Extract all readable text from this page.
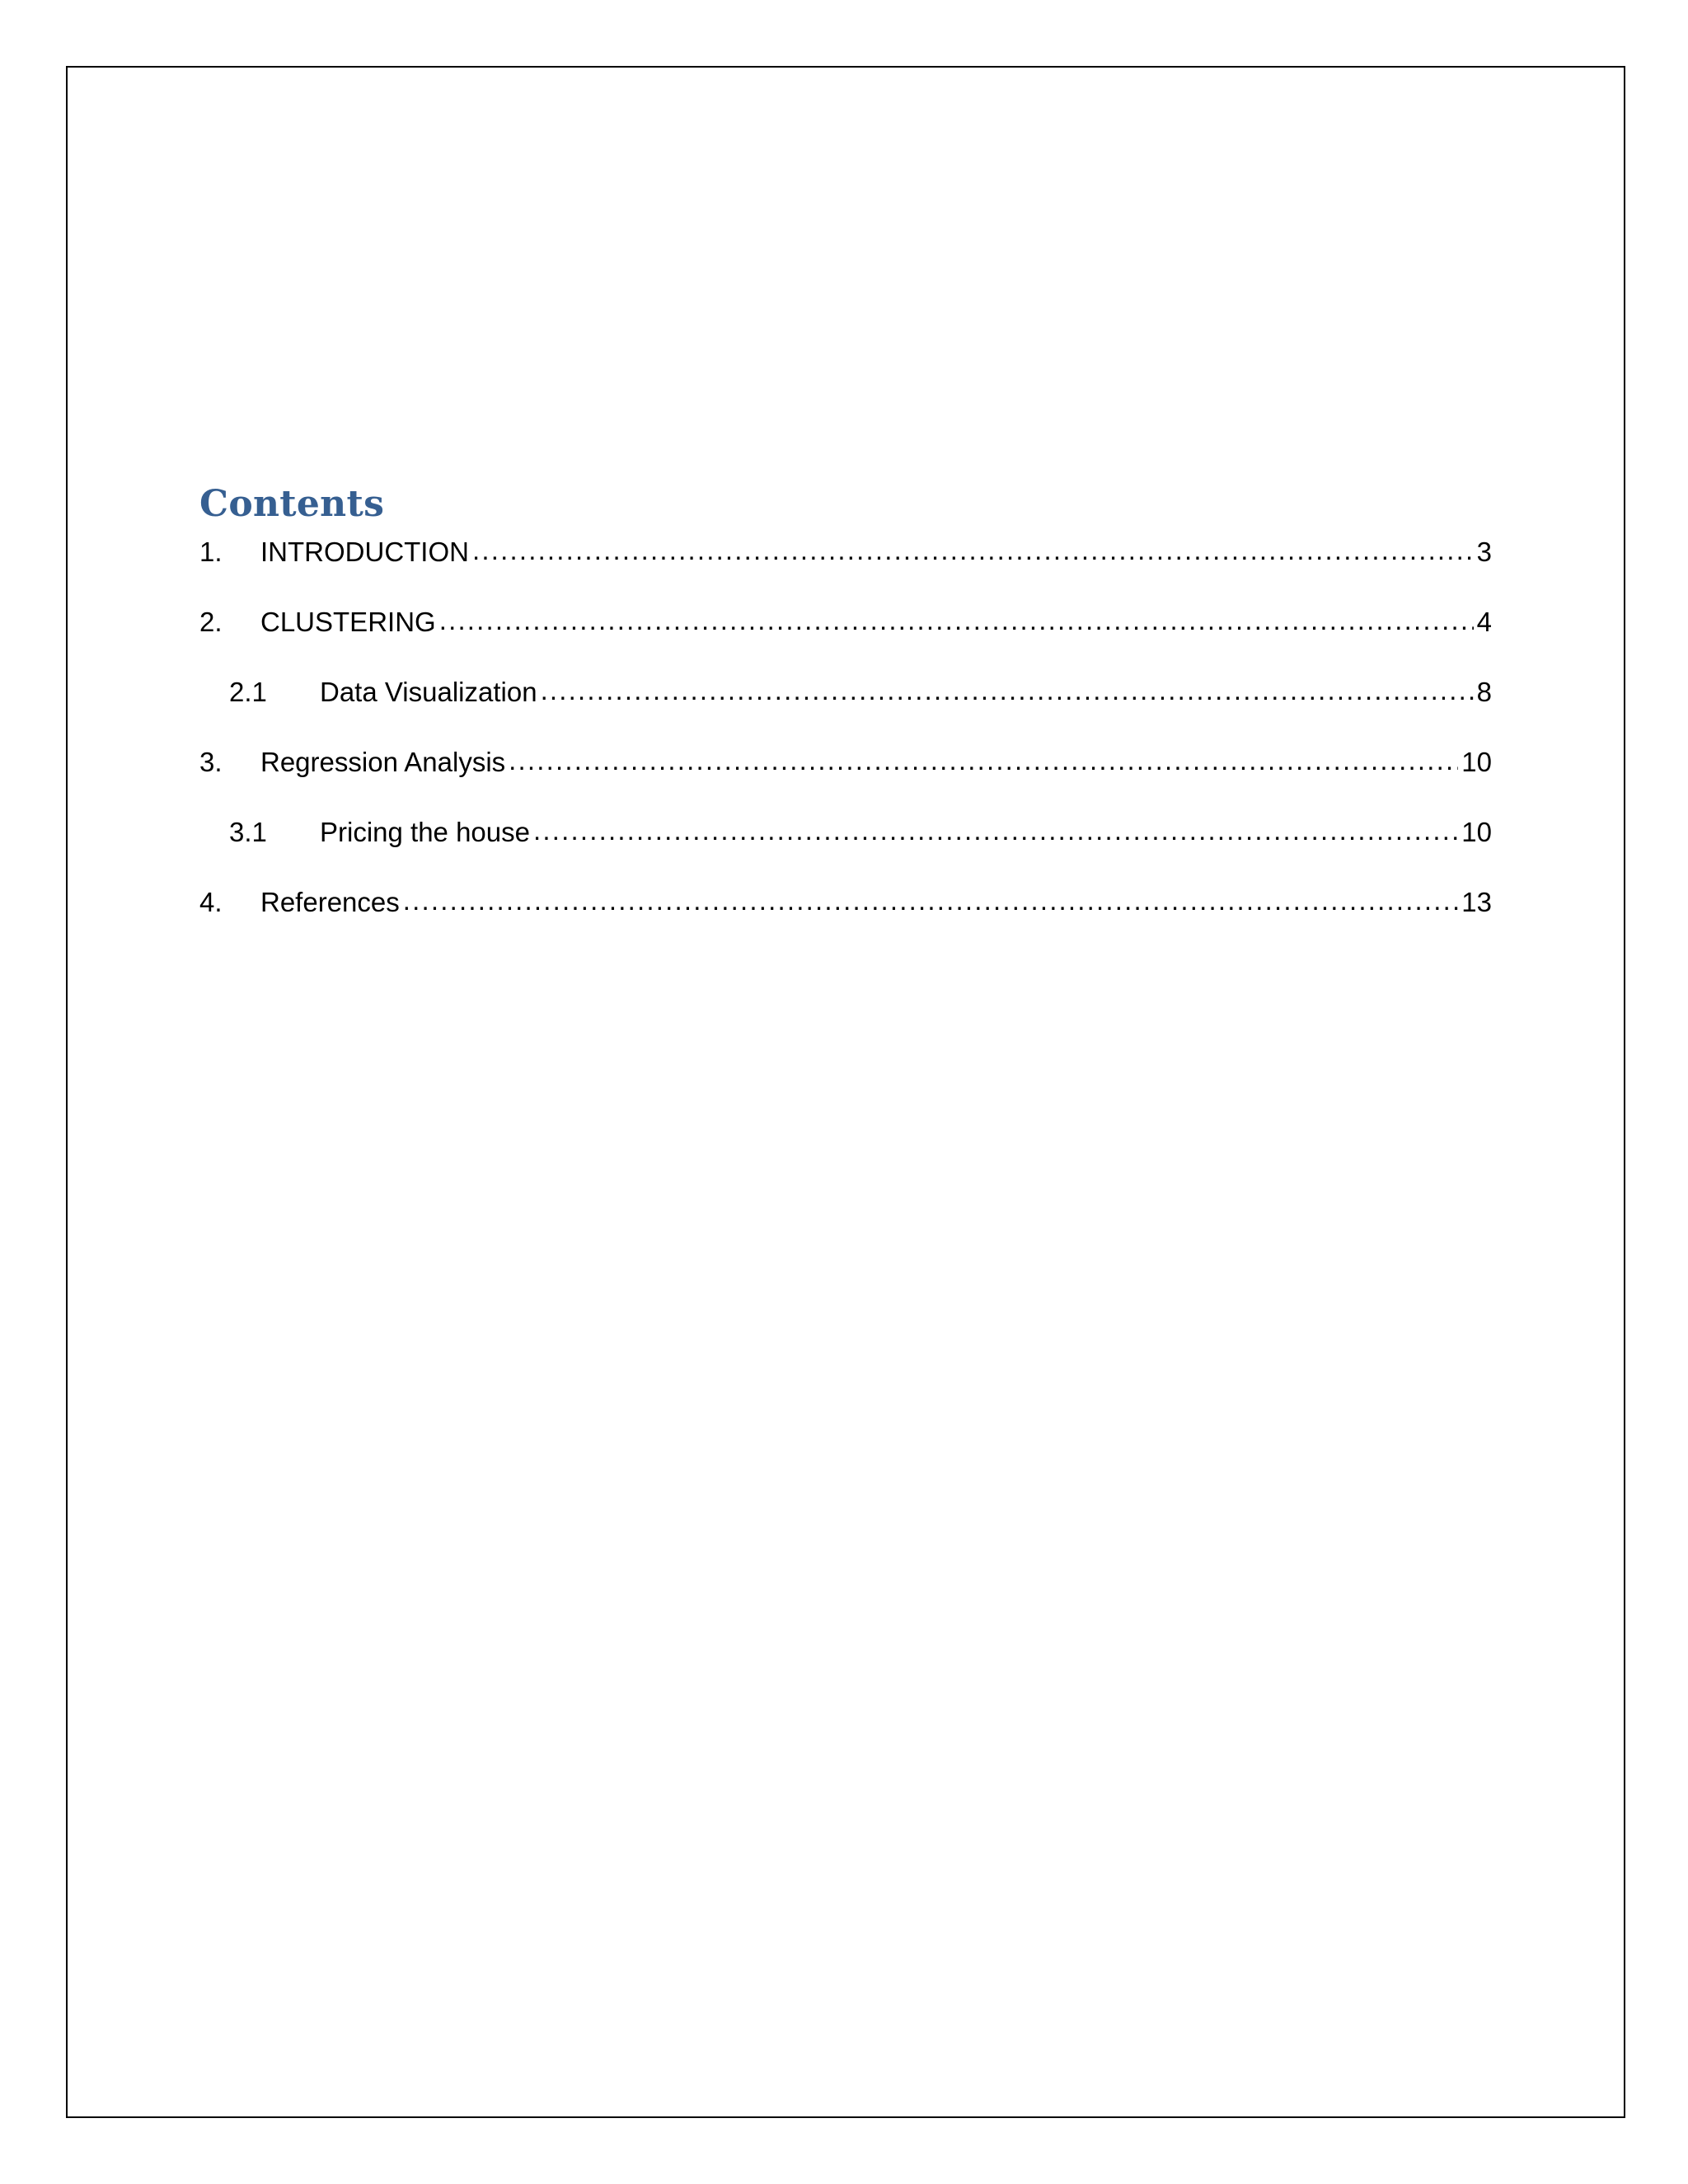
Contents
1.	INTRODUCTION .....	3
2.	CLUSTERING .....	4
2.1	Data Visualization .....	8
3.	Regression Analysis .....	10
3.1	Pricing the house .....	10
4.	References .....	13
